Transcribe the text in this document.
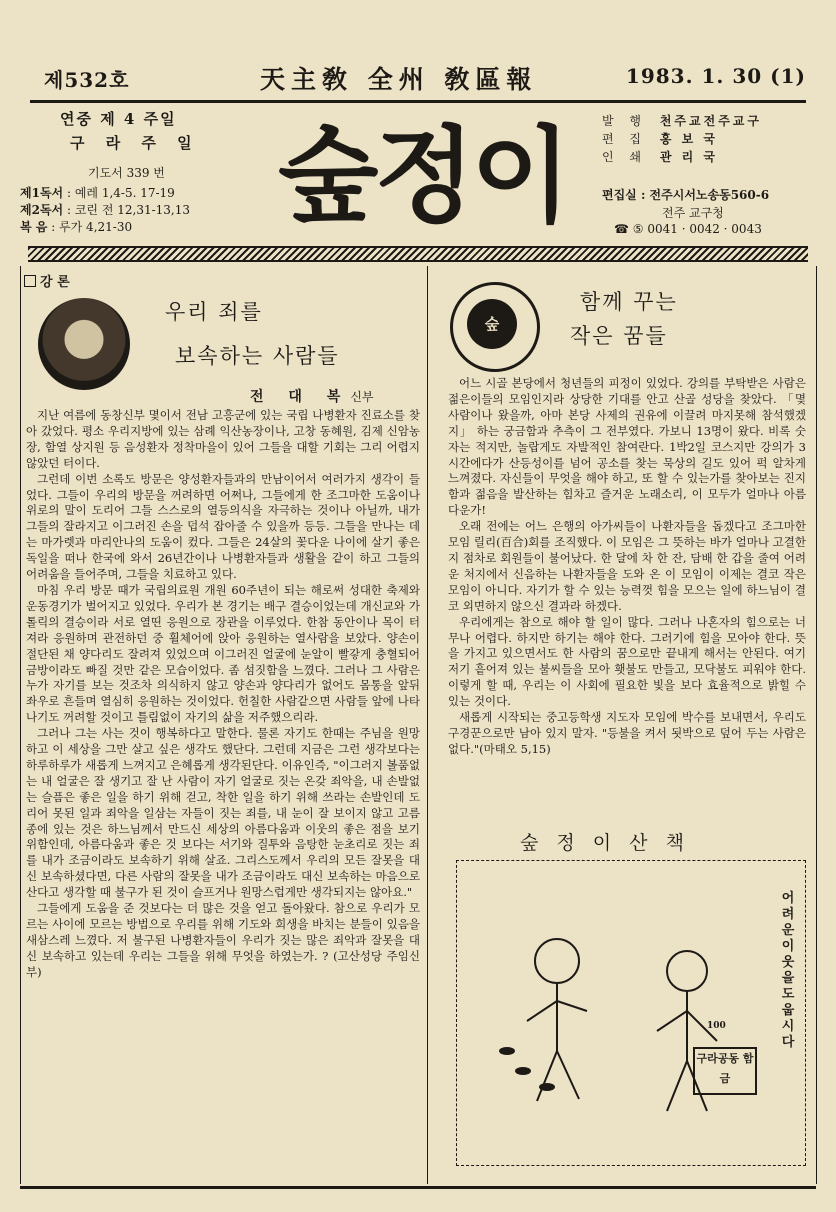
제532호	天主敎 全州 敎區報	1983. 1. 30 (1)
연중 제 4 주일
구 라 주 일
기도서 339 번
제1독서 : 예레 1,4-5. 17-19
제2독서 : 코린 전 12,31-13,13
복 음 : 루가 4,21-30 숲정이	발 행 천주교전주교구
편 집 홍 보 국
인 쇄 관 리 국
편집실 : 전주시서노송동560-6
전주 교구청
☎ ⑤ 0041 · 0042 · 0043
강 론
우리 죄를
보속하는 사람들
전 대 복신부

지난 여름에 동창신부 몇이서 전남 고흥군에 있는 국립 나병환자 진료소를 찾아 갔었다. 평소 우리지방에 있는 삼례 익산농장이나, 고창 동혜원, 김제 신암농장, 함열 상지원 등 음성환자 정착마을이 있어 그들을 대할 기회는 그리 어렵지 않았던 터이다.

그런데 이번 소록도 방문은 양성환자들과의 만남이어서 여러가지 생각이 들었다. 그들이 우리의 방문을 꺼려하면 어쩌나, 그들에게 한 조그마한 도움이나 위로의 말이 도리어 그들 스스로의 열등의식을 자극하는 것이나 아닐까, 내가 그들의 잘라지고 이그러진 손을 덥석 잡아줄 수 있을까 등등. 그들을 만나는 데는 마가렛과 마리안나의 도움이 컸다. 그들은 24살의 꽃다운 나이에 살기 좋은 독일을 떠나 한국에 와서 26년간이나 나병환자들과 생활을 같이 하고 그들의 어려움을 들어주며, 그들을 치료하고 있다.

마침 우리 방문 때가 국립의료원 개원 60주년이 되는 해로써 성대한 축제와 운동경기가 벌어지고 있었다. 우리가 본 경기는 배구 결승이었는데 개신교와 가톨릭의 결승이라 서로 열띤 응원으로 장관을 이루었다. 한참 동안이나 목이 터져라 응원하며 관전하던 중 휠체어에 앉아 응원하는 열사람을 보았다. 양손이 절단된 채 양다리도 잘려져 있었으며 이그러진 얼굴에 눈알이 빨갛게 충혈되어 금방이라도 빠질 것만 같은 모습이었다. 좀 섬짓함을 느꼈다. 그러나 그 사람은 누가 자기를 보는 것조차 의식하지 않고 양손과 양다리가 없어도 몸통을 앞뒤 좌우로 흔들며 열심히 응원하는 것이었다. 헌칠한 사람같으면 사람들 앞에 나타나기도 꺼려할 것이고 틀림없이 자기의 삶을 저주했으리라.

그러나 그는 사는 것이 행복하다고 말한다. 물론 자기도 한때는 주님을 원망하고 이 세상을 그만 살고 싶은 생각도 했단다. 그런데 지금은 그런 생각보다는 하루하루가 새롭게 느껴지고 은혜롭게 생각된단다. 이유인즉, "이그러지 볼품없는 내 얼굴은 잘 생기고 잘 난 사람이 자기 얼굴로 짓는 온갖 죄악을, 내 손발없는 슬픔은 좋은 일을 하기 위해 걷고, 착한 일을 하기 위해 쓰라는 손발인데 도리어 못된 일과 죄악을 일삼는 자들이 짓는 죄를, 내 눈이 잘 보이지 않고 고름종에 있는 것은 하느님께서 만드신 세상의 아름다움과 이웃의 좋은 점을 보기 위함인데, 아름다움과 좋은 것 보다는 서기와 질투와 음탕한 눈초리로 짓는 죄를 내가 조금이라도 보속하기 위해 살죠. 그리스도께서 우리의 모든 잘못을 대신 보속하셨다면, 다른 사람의 잘못을 내가 조금이라도 대신 보속하는 마음으로 산다고 생각할 때 불구가 된 것이 슬프거나 원망스럽게만 생각되지는 않아요."

그들에게 도움을 준 것보다는 더 많은 것을 얻고 돌아왔다. 참으로 우리가 모르는 사이에 모르는 방법으로 우리를 위해 기도와 희생을 바치는 분들이 있음을 새삼스레 느꼈다. 저 불구된 나병환자들이 우리가 짓는 많은 죄악과 잘못을 대신 보속하고 있는데 우리는 그들을 위해 무엇을 하였는가. ? (고산성당 주임신부)

숲
함께 꾸는
작은 꿈들

어느 시골 본당에서 청년들의 피정이 있었다. 강의를 부탁받은 사람은 젊은이들의 모임인지라 상당한 기대를 안고 산골 성당을 찾았다. 「몇 사람이나 왔을까, 아마 본당 사제의 권유에 이끌려 마지못해 참석했겠지」 하는 궁금함과 추측이 그 전부였다. 가보니 13명이 왔다. 비록 숫자는 적지만, 놀랍게도 자발적인 참여란다. 1박2일 코스지만 강의가 3시간에다가 산등성이를 넘어 공소를 찾는 묵상의 길도 있어 퍽 알차게 느껴졌다. 자신들이 무엇을 해야 하고, 또 할 수 있는가를 찾아보는 진지함과 젊음을 발산하는 힘차고 즐거운 노래소리, 이 모두가 얼마나 아름다운가!

오래 전에는 어느 은행의 아가씨들이 나환자들을 돕겠다고 조그마한 모임 릴리(百合)회를 조직했다. 이 모임은 그 뜻하는 바가 얼마나 고결한지 점차로 회원들이 불어났다. 한 달에 차 한 잔, 담배 한 갑을 줄여 어려운 처지에서 신음하는 나환자들을 도와 온 이 모임이 이제는 결코 작은 모임이 아니다. 자기가 할 수 있는 능력껏 힘을 모으는 일에 하느님이 결코 외면하지 않으신 결과라 하겠다.

우리에게는 참으로 해야 할 일이 많다. 그러나 나혼자의 힘으로는 너무나 어렵다. 하지만 하기는 해야 한다. 그러기에 힘을 모아야 한다. 뜻을 가지고 있으면서도 한 사람의 꿈으로만 끝내게 해서는 안된다. 여기저기 흩어져 있는 불씨들을 모아 횃불도 만들고, 모닥불도 피워야 한다. 이렇게 할 때, 우리는 이 사회에 필요한 빛을 보다 효율적으로 밝힐 수 있는 것이다.

새롭게 시작되는 중고등학생 지도자 모임에 박수를 보내면서, 우리도 구경꾼으로만 남아 있지 말자. "등불을 켜서 됫박으로 덮어 두는 사람은 없다."(마태오 5,15)

숲 정 이 산 책
구라공동 함 금
100
어려운 이웃을 도웁시다
